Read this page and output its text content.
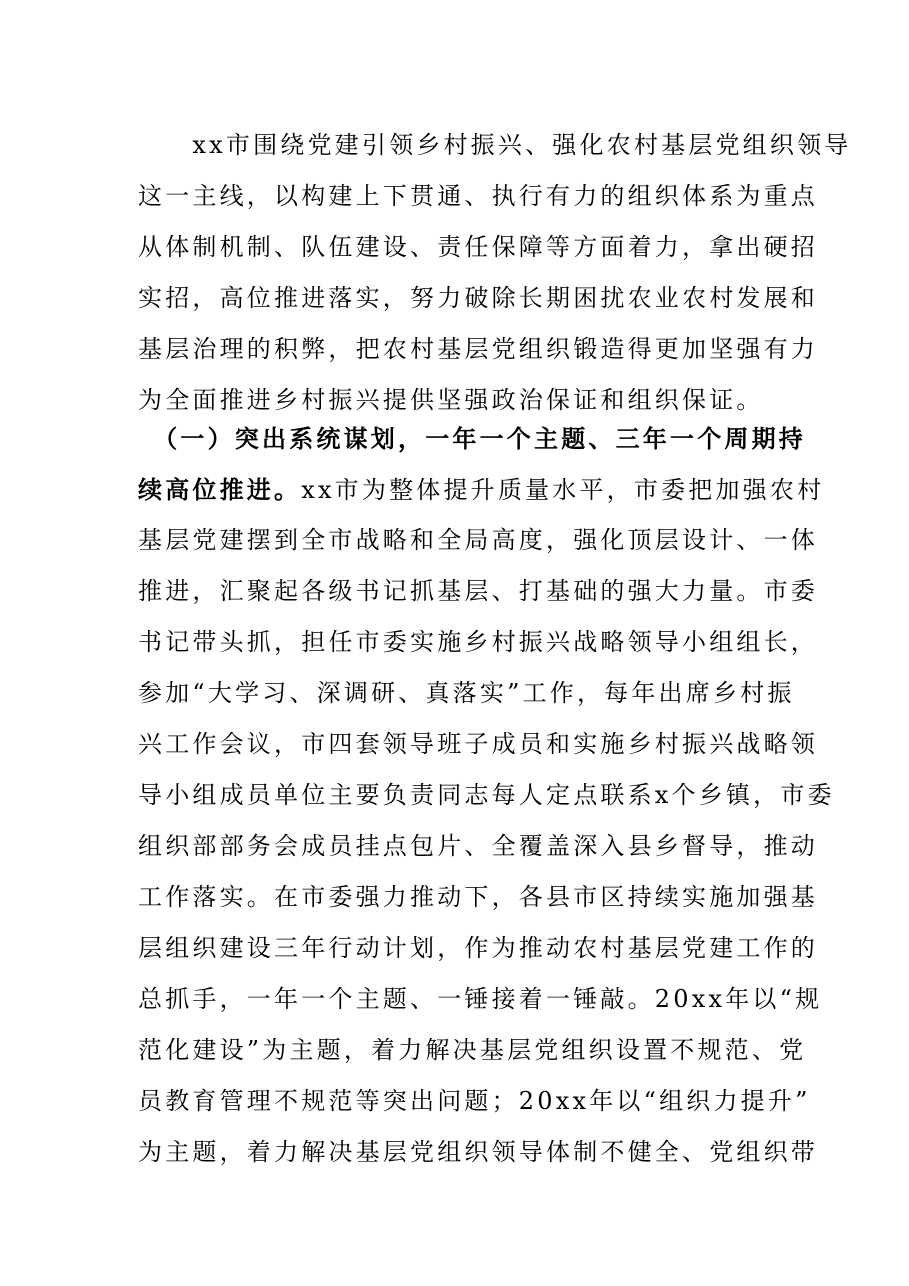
　　xx市围绕党建引领乡村振兴、强化农村基层党组织领导
这一主线，以构建上下贯通、执行有力的组织体系为重点
从体制机制、队伍建设、责任保障等方面着力，拿出硬招
实招，高位推进落实，努力破除长期困扰农业农村发展和
基层治理的积弊，把农村基层党组织锻造得更加坚强有力
为全面推进乡村振兴提供坚强政治保证和组织保证。
　（一）突出系统谋划，一年一个主题、三年一个周期持
续高位推进。xx市为整体提升质量水平，市委把加强农村
基层党建摆到全市战略和全局高度，强化顶层设计、一体
推进，汇聚起各级书记抓基层、打基础的强大力量。市委
书记带头抓，担任市委实施乡村振兴战略领导小组组长，
参加“大学习、深调研、真落实”工作，每年出席乡村振
兴工作会议，市四套领导班子成员和实施乡村振兴战略领
导小组成员单位主要负责同志每人定点联系x个乡镇，市委
组织部部务会成员挂点包片、全覆盖深入县乡督导，推动
工作落实。在市委强力推动下，各县市区持续实施加强基
层组织建设三年行动计划，作为推动农村基层党建工作的
总抓手，一年一个主题、一锤接着一锤敲。20xx年以“规
范化建设”为主题，着力解决基层党组织设置不规范、党
员教育管理不规范等突出问题；20xx年以“组织力提升”
为主题，着力解决基层党组织领导体制不健全、党组织带
